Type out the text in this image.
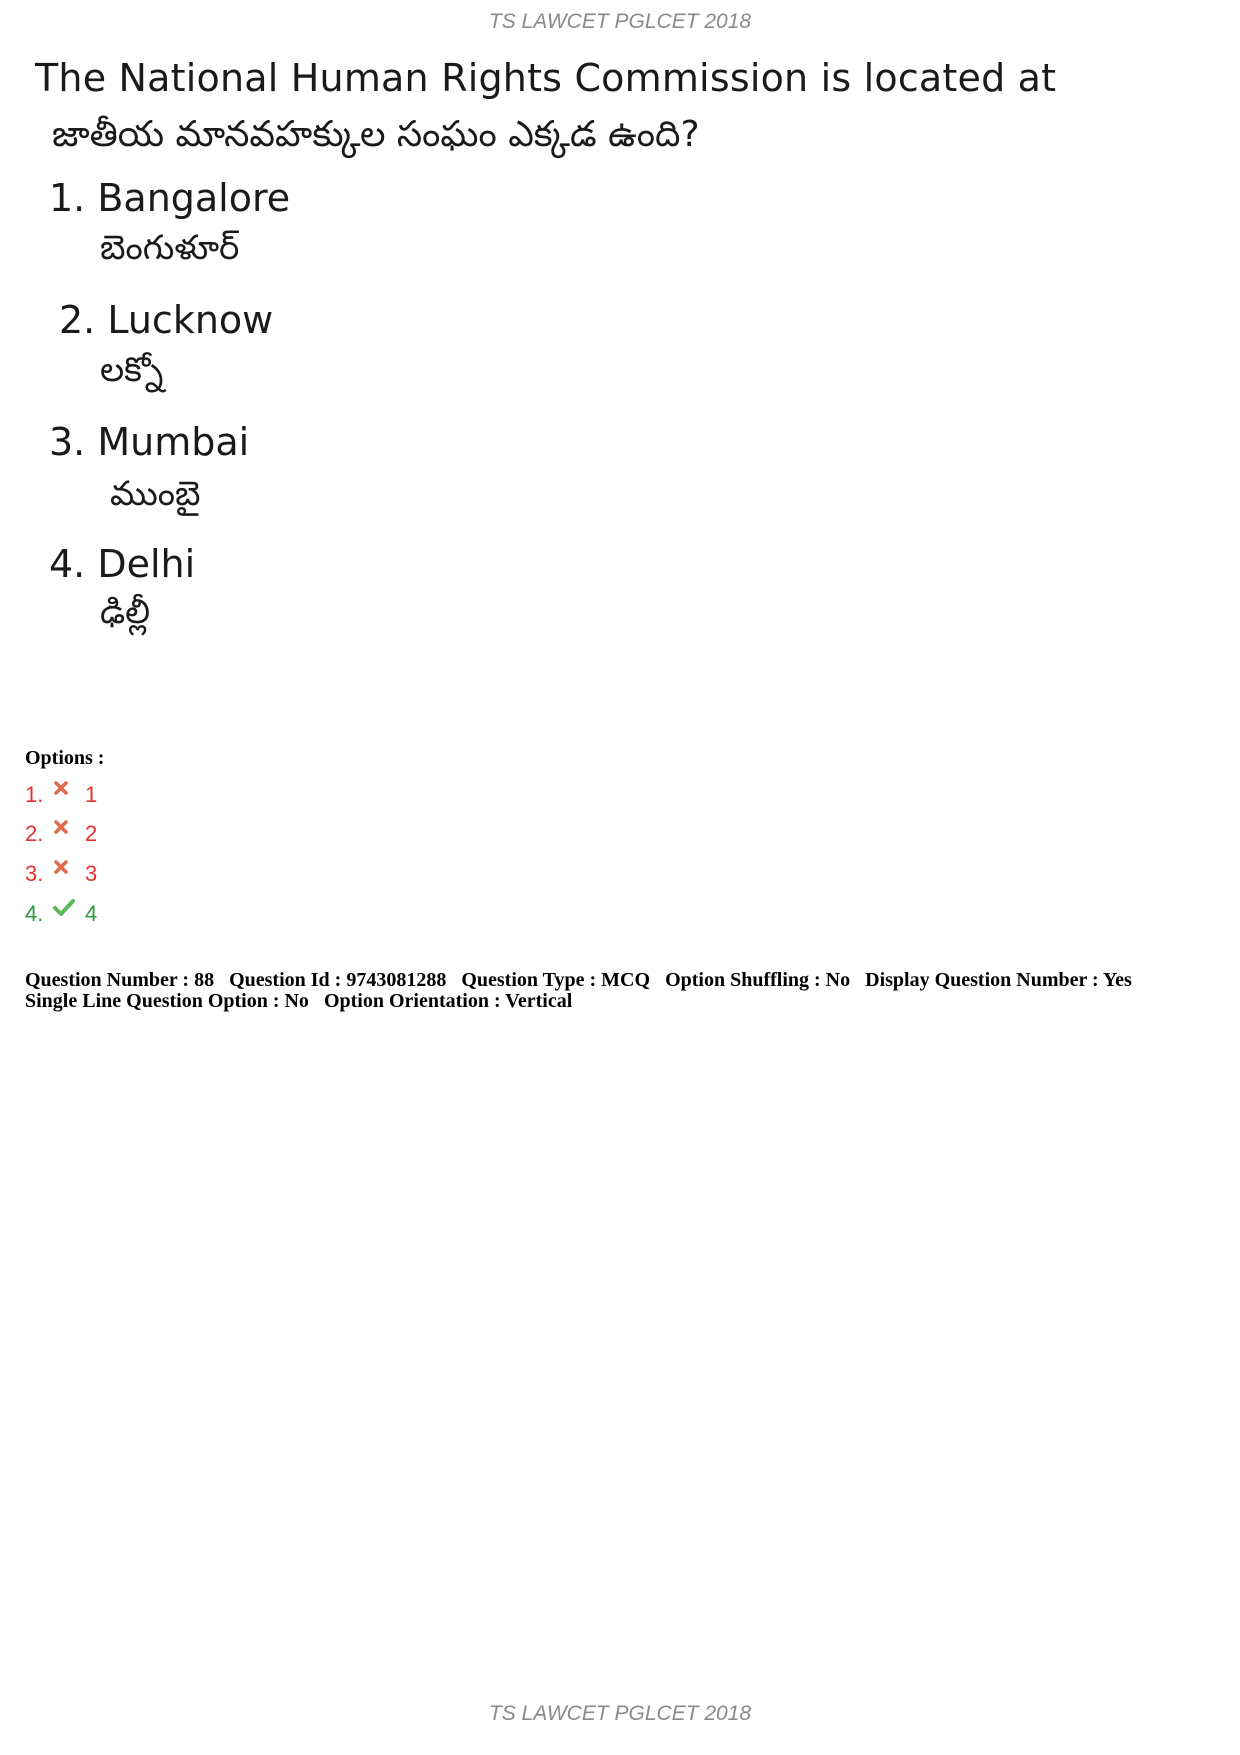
TS LAWCET PGLCET 2018
The National Human Rights Commission is located at
జాతీయ మానవహక్కుల సంఘం ఎక్కడ ఉంది?
1. Bangalore
బెంగుళూర్
2. Lucknow
లక్నో
3. Mumbai
ముంబై
4. Delhi
ఢిల్లీ
Options :
1.	1
2.	2
3.	3
4.	4
Question Number : 88 Question Id : 9743081288 Question Type : MCQ Option Shuffling : No Display Question Number : Yes
Single Line Question Option : No Option Orientation : Vertical
TS LAWCET PGLCET 2018
